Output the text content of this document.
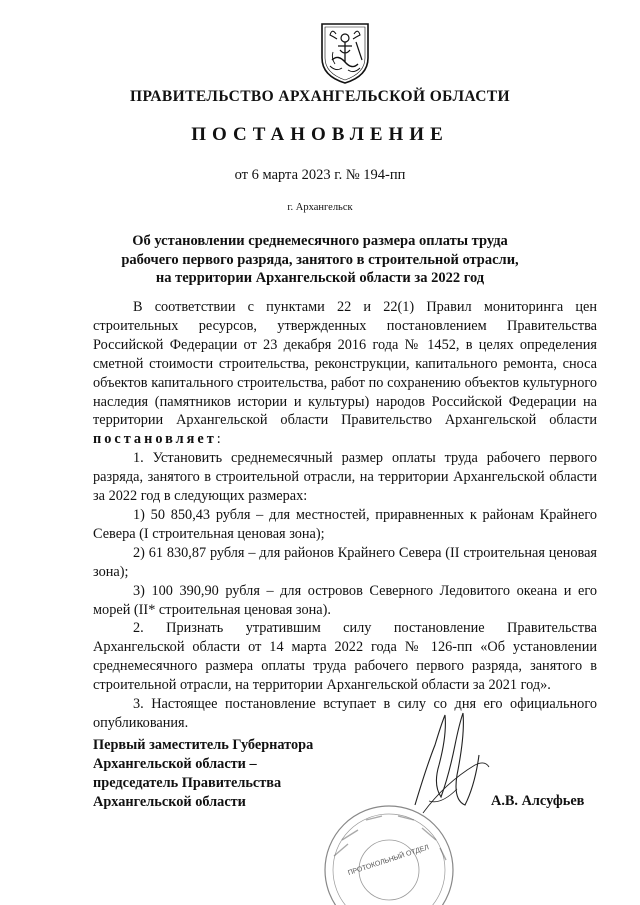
ПРАВИТЕЛЬСТВО АРХАНГЕЛЬСКОЙ ОБЛАСТИ
ПОСТАНОВЛЕНИЕ
от 6 марта 2023 г. № 194-пп
г. Архангельск
Об установлении среднемесячного размера оплаты труда
рабочего первого разряда, занятого в строительной отрасли,
на территории Архангельской области за 2022 год

В соответствии с пунктами 22 и 22(1) Правил мониторинга цен строительных ресурсов, утвержденных постановлением Правительства Российской Федерации от 23 декабря 2016 года № 1452, в целях определения сметной стоимости строительства, реконструкции, капитального ремонта, сноса объектов капитального строительства, работ по сохранению объектов культурного наследия (памятников истории и культуры) народов Российской Федерации на территории Архангельской области Правительство Архангельской области постановляет:

1. Установить среднемесячный размер оплаты труда рабочего первого разряда, занятого в строительной отрасли, на территории Архангельской области за 2022 год в следующих размерах:

1) 50 850,43 рубля – для местностей, приравненных к районам Крайнего Севера (I строительная ценовая зона);

2) 61 830,87 рубля – для районов Крайнего Севера (II строительная ценовая зона);

3) 100 390,90 рубля – для островов Северного Ледовитого океана и его морей (II* строительная ценовая зона).

2. Признать утратившим силу постановление Правительства Архангельской области от 14 марта 2022 года № 126-пп «Об установлении среднемесячного размера оплаты труда рабочего первого разряда, занятого в строительной отрасли, на территории Архангельской области за 2021 год».

3. Настоящее постановление вступает в силу со дня его официального опубликования.

Первый заместитель Губернатора
Архангельской области –
председатель Правительства
Архангельской области	А.В. Алсуфьев
ПРОТОКОЛЬНЫЙ ОТДЕЛ
